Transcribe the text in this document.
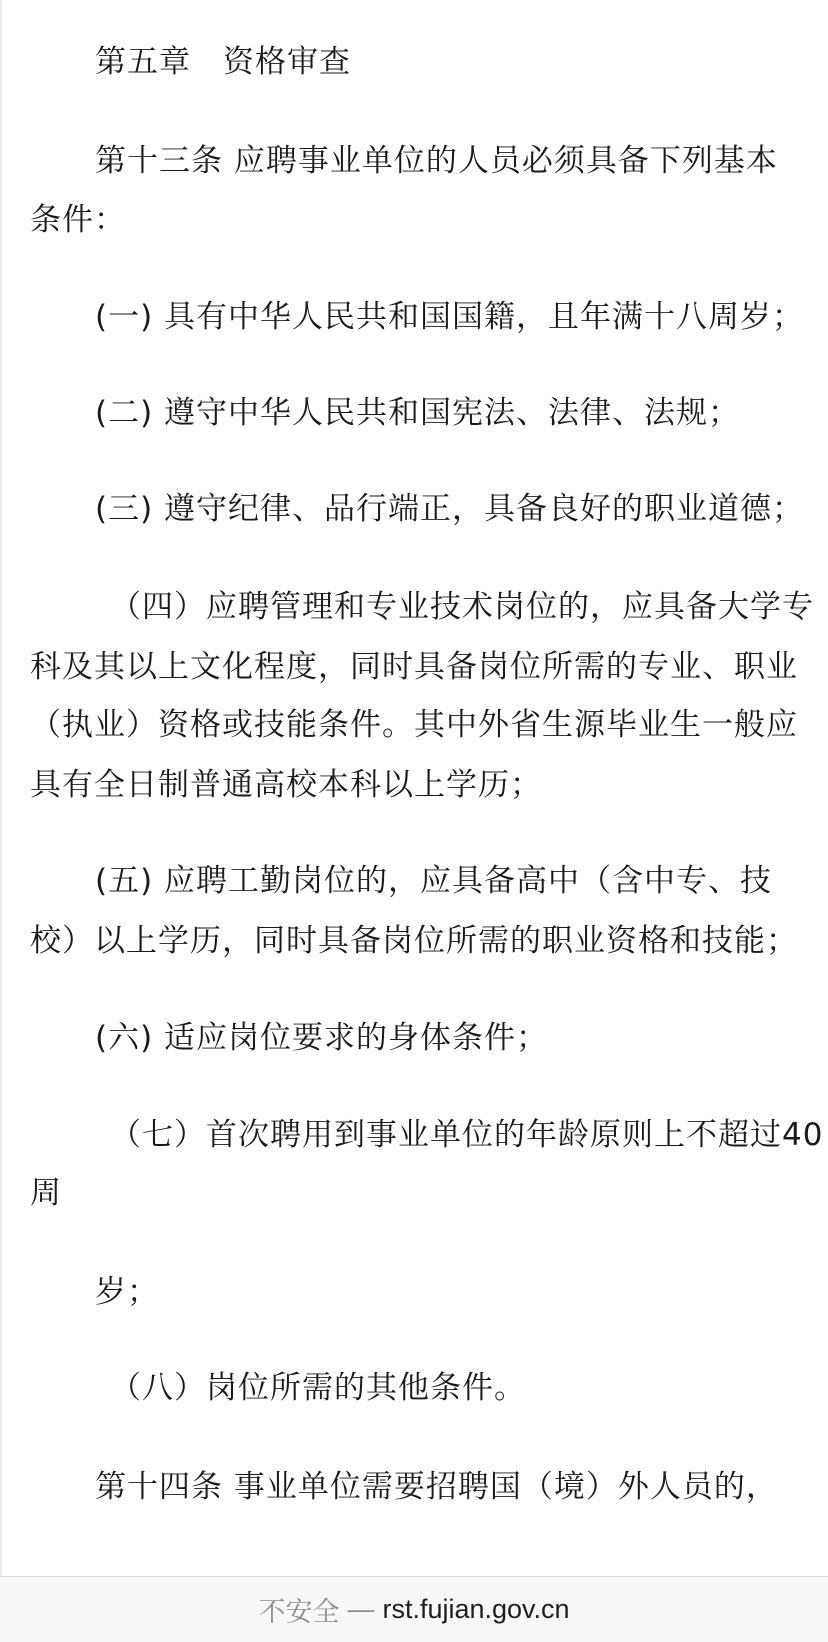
第五章　资格审查
第十三条 应聘事业单位的人员必须具备下列基本
条件：
(一) 具有中华人民共和国国籍，且年满十八周岁；
(二) 遵守中华人民共和国宪法、法律、法规；
(三) 遵守纪律、品行端正，具备良好的职业道德；
（四）应聘管理和专业技术岗位的，应具备大学专
科及其以上文化程度，同时具备岗位所需的专业、职业
（执业）资格或技能条件。其中外省生源毕业生一般应
具有全日制普通高校本科以上学历；
(五) 应聘工勤岗位的，应具备高中（含中专、技
校）以上学历，同时具备岗位所需的职业资格和技能；
(六) 适应岗位要求的身体条件；
（七）首次聘用到事业单位的年龄原则上不超过40
周
岁；
（八）岗位所需的其他条件。
第十四条 事业单位需要招聘国（境）外人员的，
不安全 — rst.fujian.gov.cn
